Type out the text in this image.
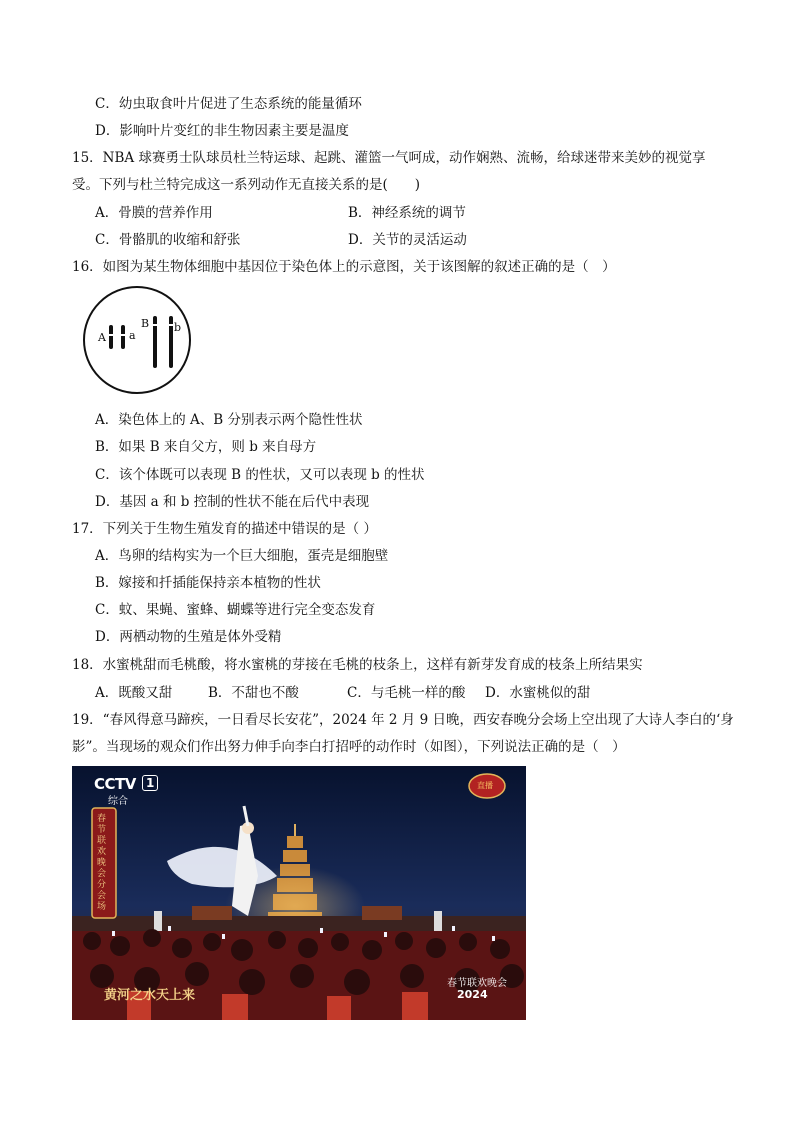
C．幼虫取食叶片促进了生态系统的能量循环
D．影响叶片变红的非生物因素主要是温度
15．NBA 球赛勇士队球员杜兰特运球、起跳、灌篮一气呵成，动作娴熟、流畅，给球迷带来美妙的视觉享
受。下列与杜兰特完成这一系列动作无直接关系的是(　　)
A．骨膜的营养作用	B．神经系统的调节
C．骨骼肌的收缩和舒张	D．关节的灵活运动
16．如图为某生物体细胞中基因位于染色体上的示意图，关于该图解的叙述正确的是（　）
A a
B b
A．染色体上的 A、B 分别表示两个隐性性状
B．如果 B 来自父方，则 b 来自母方
C．该个体既可以表现 B 的性状，又可以表现 b 的性状
D．基因 a 和 b 控制的性状不能在后代中表现
17．下列关于生物生殖发育的描述中错误的是（ ）
A．鸟卵的结构实为一个巨大细胞，蛋壳是细胞壁
B．嫁接和扦插能保持亲本植物的性状
C．蚊、果蝇、蜜蜂、蝴蝶等进行完全变态发育
D．两栖动物的生殖是体外受精
18．水蜜桃甜而毛桃酸，将水蜜桃的芽接在毛桃的枝条上，这样有新芽发育成的枝条上所结果实
A．既酸又甜	B．不甜也不酸	C．与毛桃一样的酸 D．水蜜桃似的甜
19．“春风得意马蹄疾，一日看尽长安花”，2024 年 2 月 9 日晚，西安春晚分会场上空出现了大诗人李白的‘身
影”。当现场的观众们作出努力伸手向李白打招呼的动作时（如图），下列说法正确的是（　）
CCTV 1
综合
直播
春节联欢晚会分会场
黄河之水天上来
春节联欢晚会
2024
